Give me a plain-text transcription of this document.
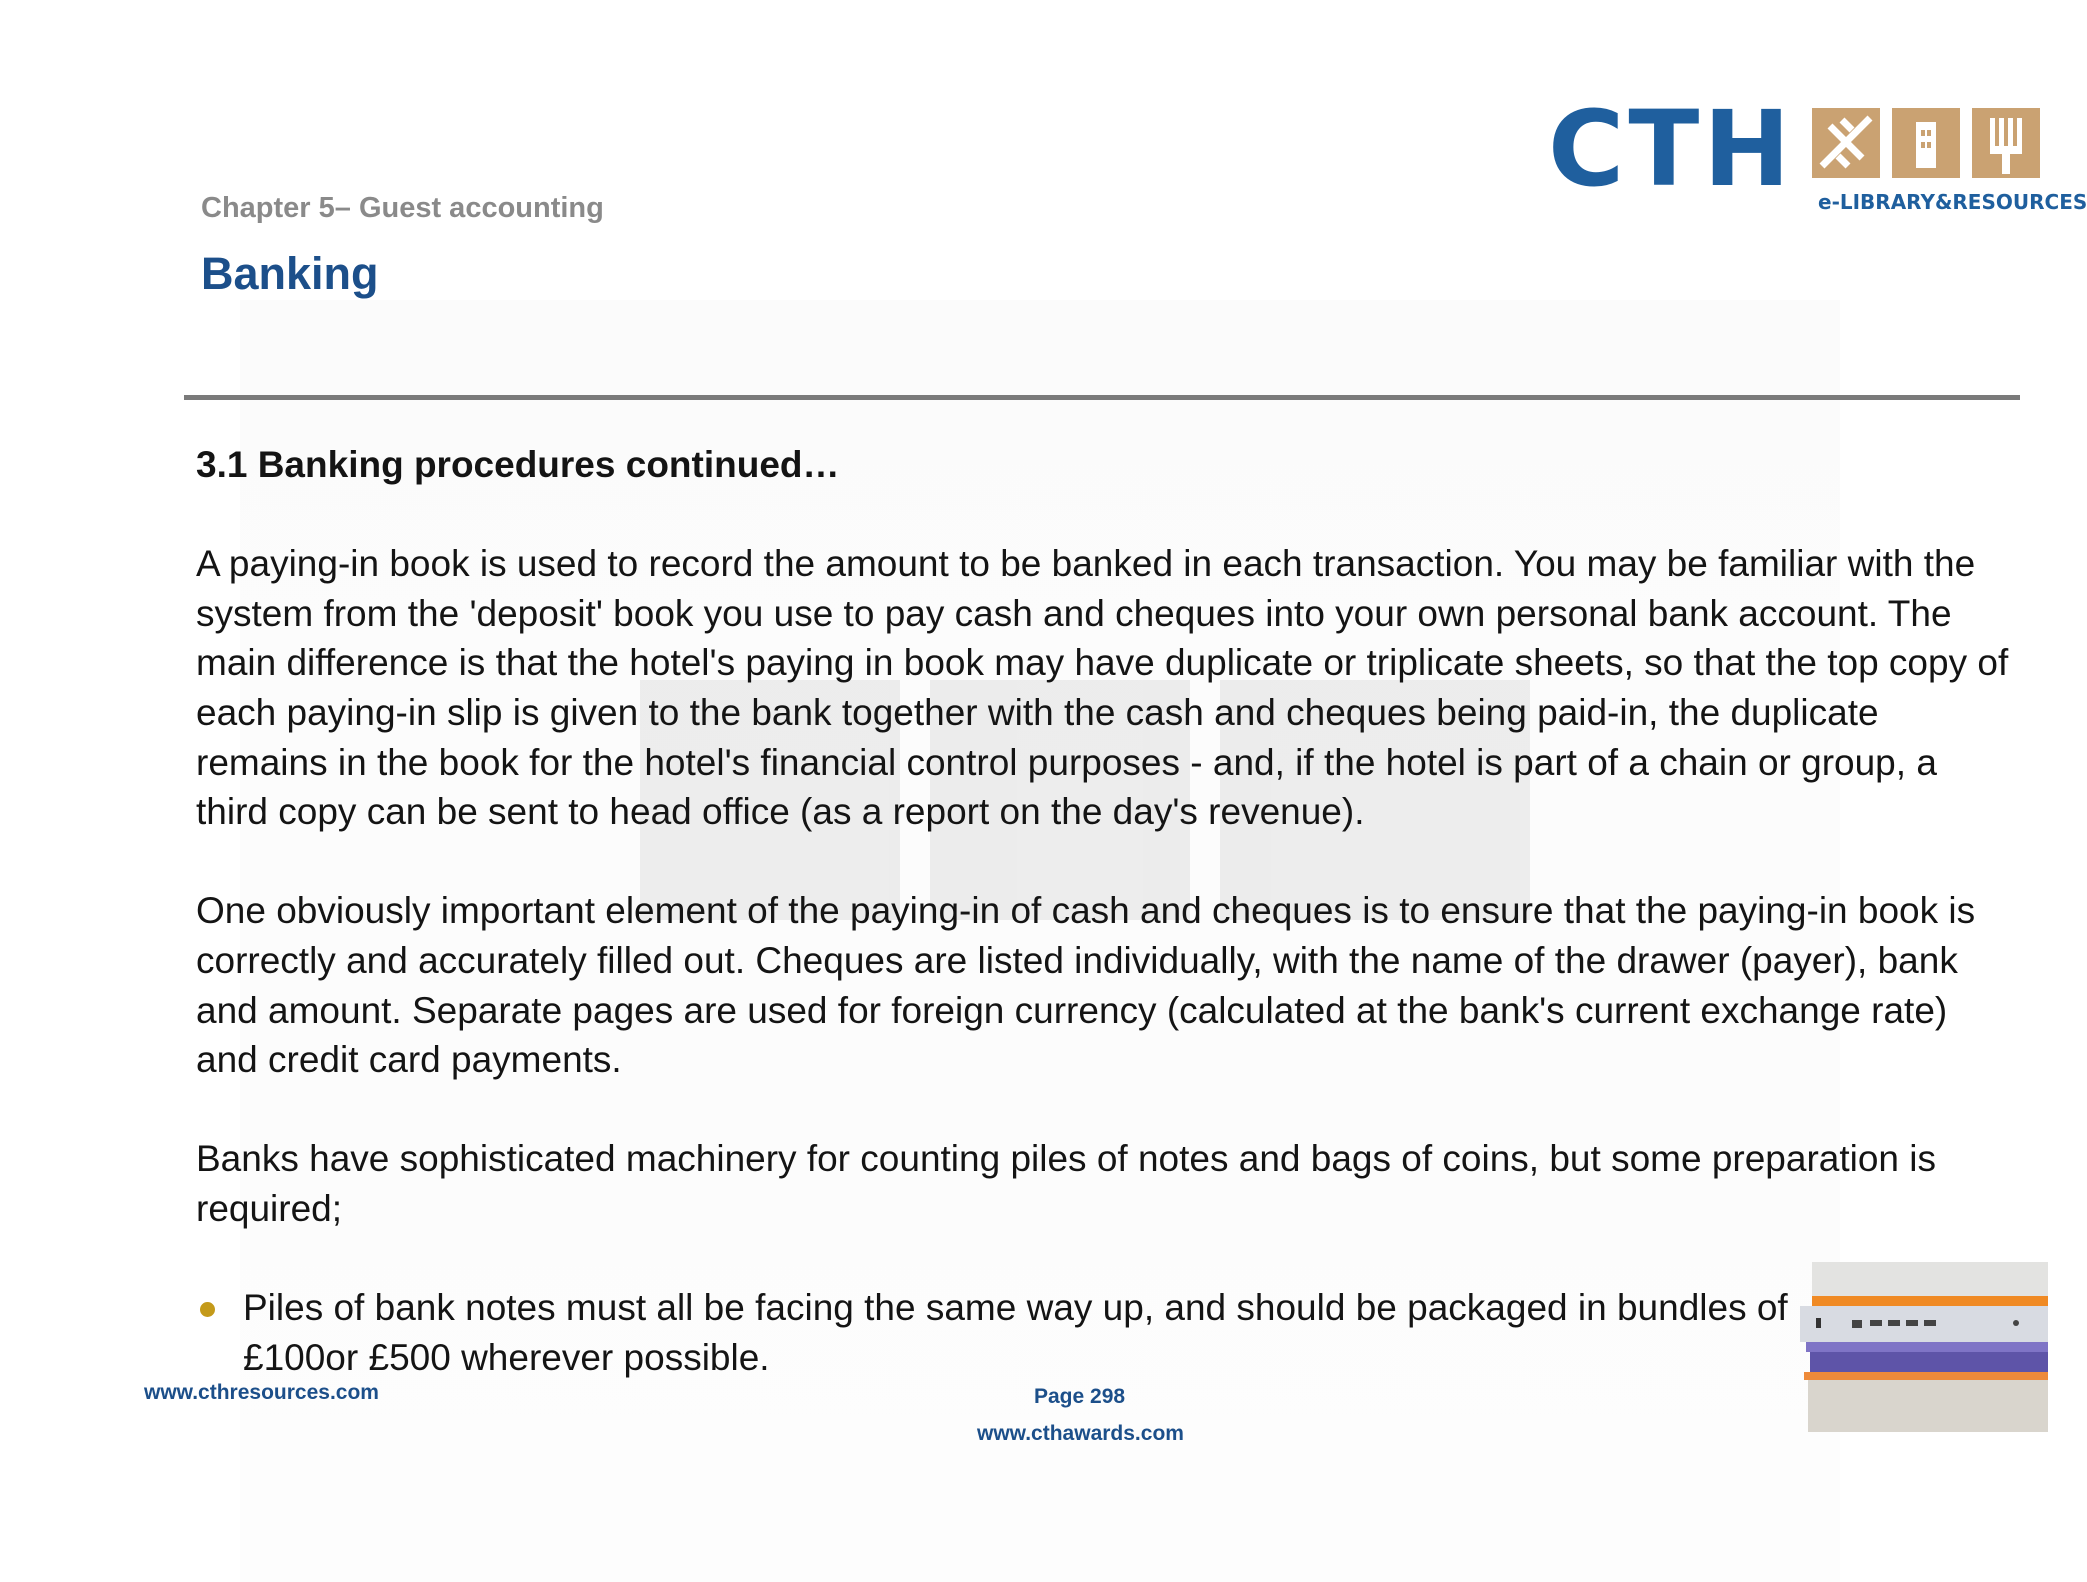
Chapter 5– Guest accounting
Banking
CTH e-LIBRARY&RESOURCES
3.1 Banking procedures continued…

A paying-in book is used to record the amount to be banked in each transaction. You may be familiar with the system from the 'deposit' book you use to pay cash and cheques into your own personal bank account. The main difference is that the hotel's paying in book may have duplicate or triplicate sheets, so that the top copy of each paying-in slip is given to the bank together with the cash and cheques being paid-in, the duplicate remains in the book for the hotel's financial control purposes - and, if the hotel is part of a chain or group, a third copy can be sent to head office (as a report on the day's revenue).

One obviously important element of the paying-in of cash and cheques is to ensure that the paying-in book is correctly and accurately filled out. Cheques are listed individually, with the name of the drawer (payer), bank and amount. Separate pages are used for foreign currency (calculated at the bank's current exchange rate) and credit card payments.

Banks have sophisticated machinery for counting piles of notes and bags of coins, but some preparation is required;

Piles of bank notes must all be facing the same way up, and should be packaged in bundles of £100or £500 wherever possible.
www.cthresources.com	Page 298
www.cthawards.com
